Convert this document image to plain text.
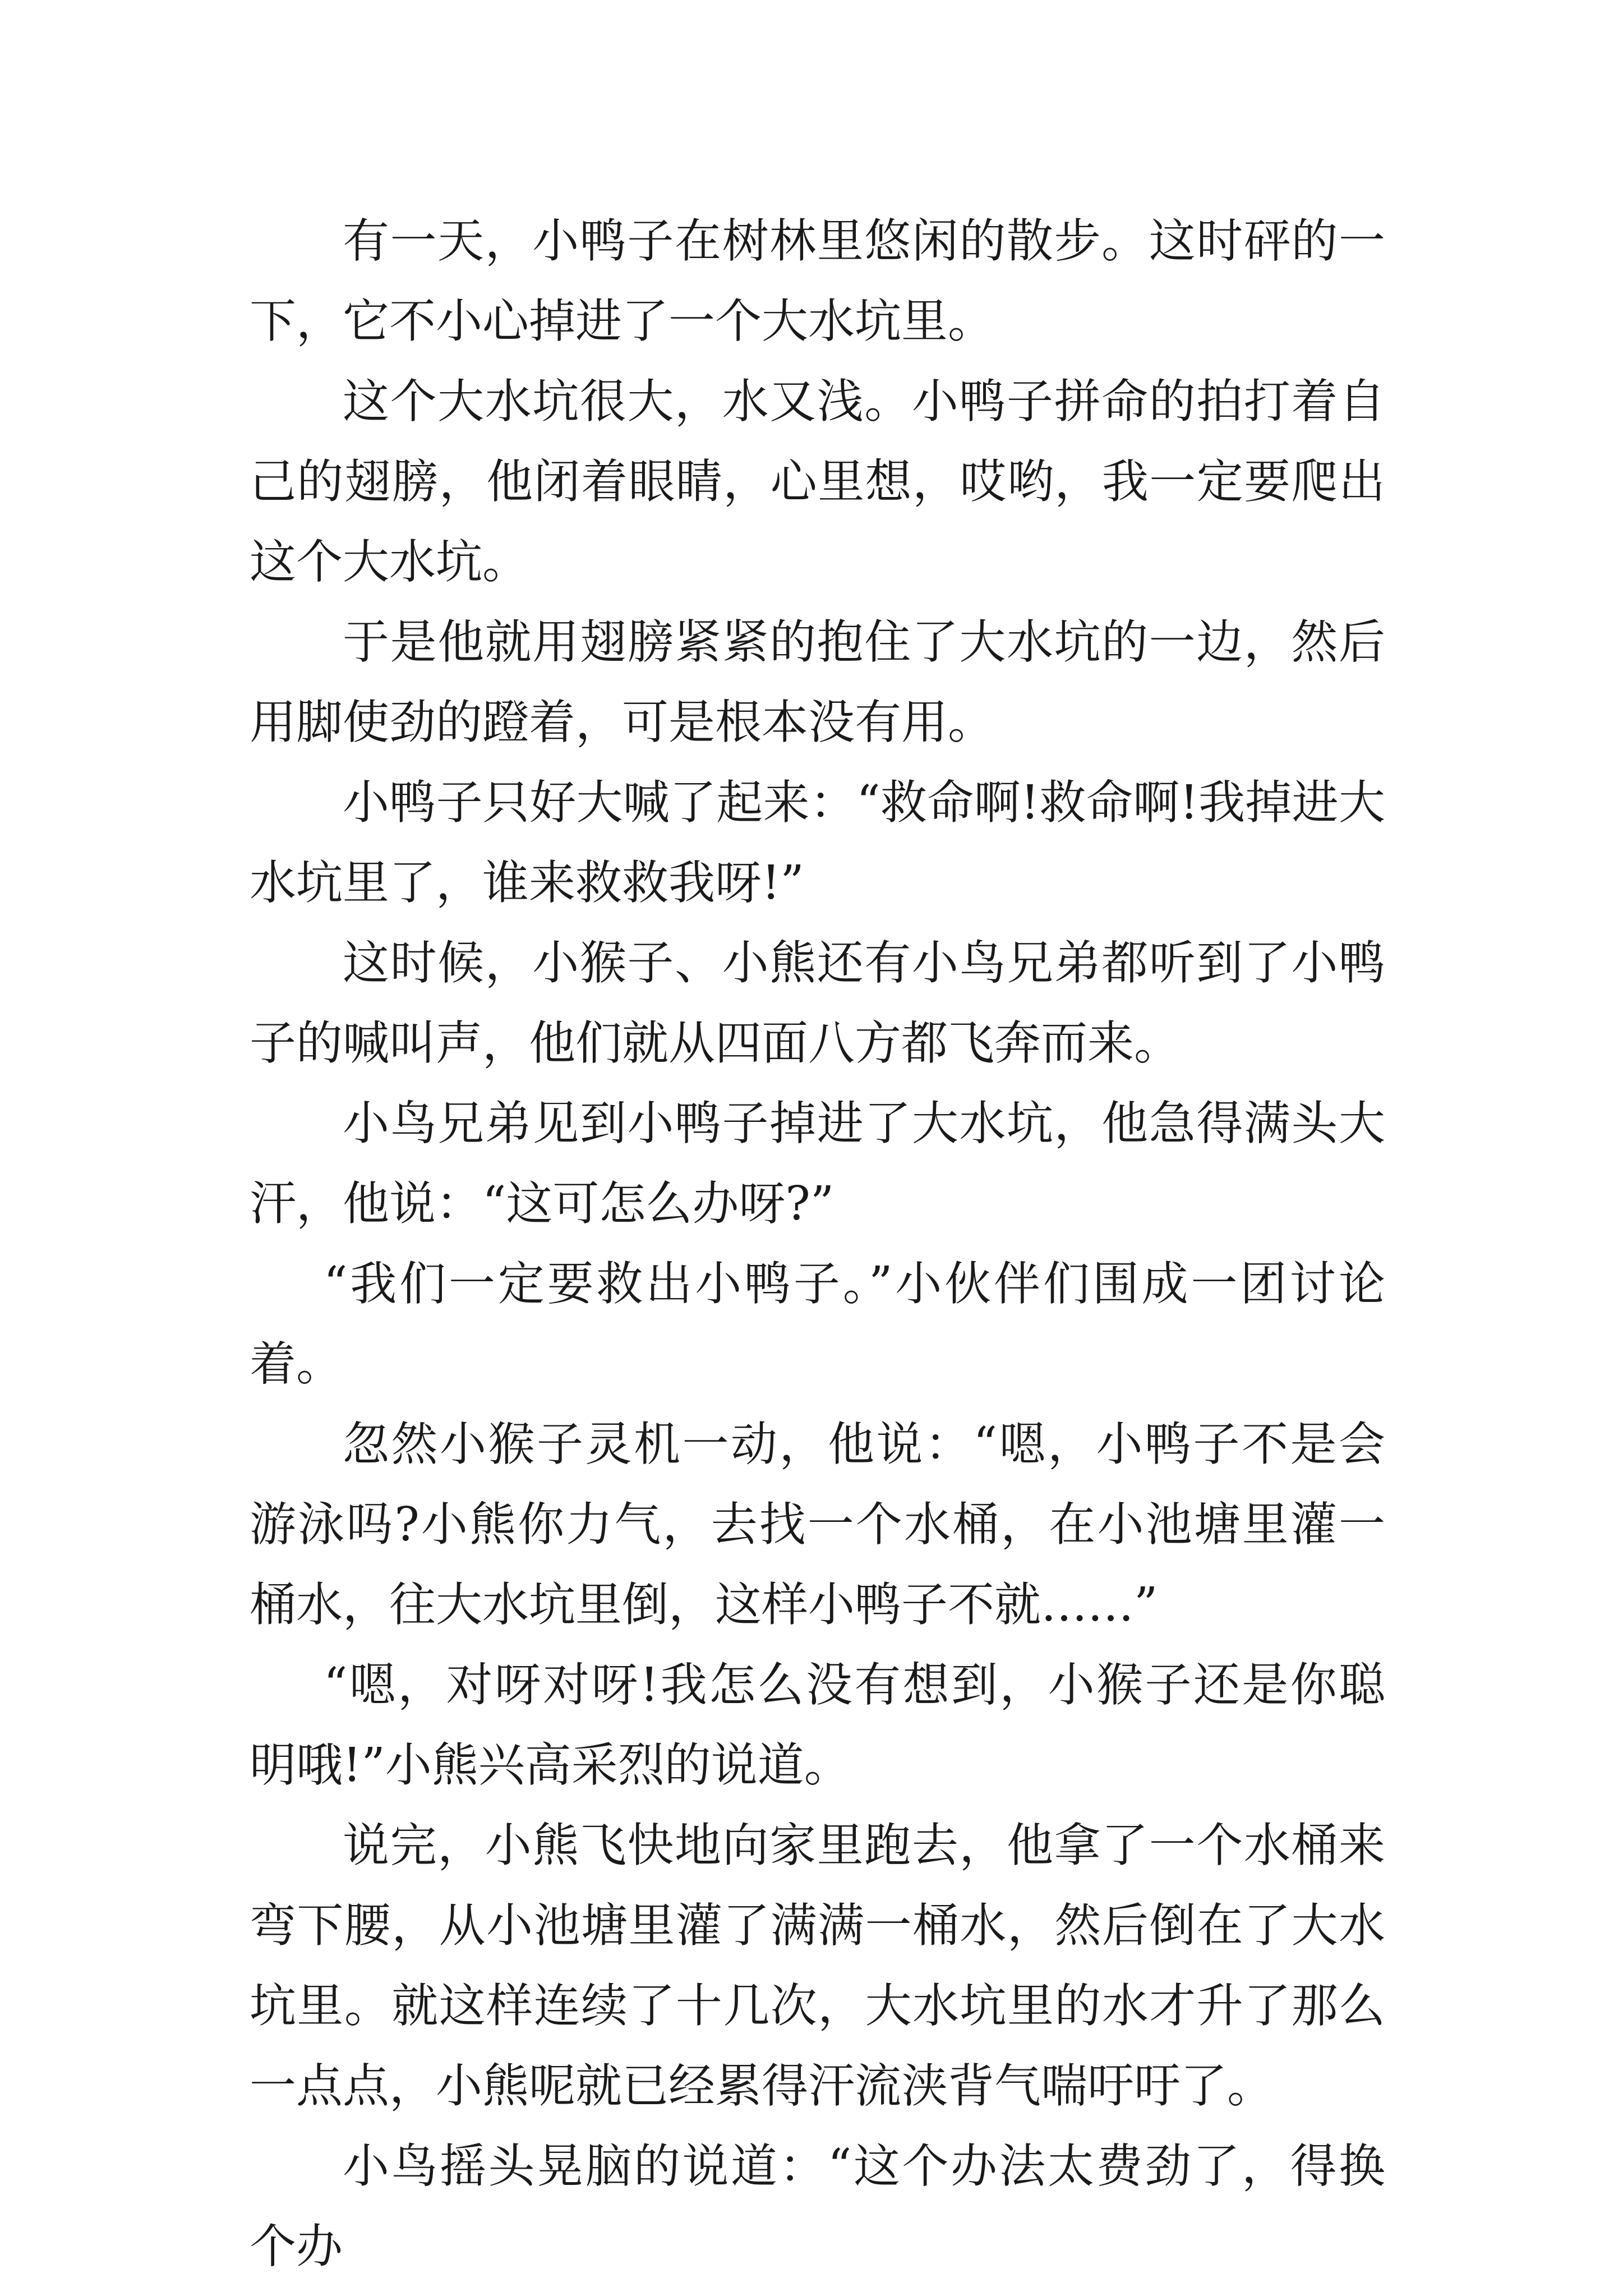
有一天，小鸭子在树林里悠闲的散步。这时砰的一下，它不小心掉进了一个大水坑里。

这个大水坑很大，水又浅。小鸭子拼命的拍打着自己的翅膀，他闭着眼睛，心里想，哎哟，我一定要爬出这个大水坑。

于是他就用翅膀紧紧的抱住了大水坑的一边，然后用脚使劲的蹬着，可是根本没有用。

小鸭子只好大喊了起来：“救命啊!救命啊!我掉进大水坑里了，谁来救救我呀!”

这时候，小猴子、小熊还有小鸟兄弟都听到了小鸭子的喊叫声，他们就从四面八方都飞奔而来。

小鸟兄弟见到小鸭子掉进了大水坑，他急得满头大汗，他说：“这可怎么办呀?”

“我们一定要救出小鸭子。”小伙伴们围成一团讨论着。

忽然小猴子灵机一动，他说：“嗯，小鸭子不是会游泳吗?小熊你力气，去找一个水桶，在小池塘里灌一桶水，往大水坑里倒，这样小鸭子不就……”

“嗯，对呀对呀!我怎么没有想到，小猴子还是你聪明哦!”小熊兴高采烈的说道。

说完，小熊飞快地向家里跑去，他拿了一个水桶来弯下腰，从小池塘里灌了满满一桶水，然后倒在了大水坑里。就这样连续了十几次，大水坑里的水才升了那么一点点，小熊呢就已经累得汗流浃背气喘吁吁了。

小鸟摇头晃脑的说道：“这个办法太费劲了，得换个办
